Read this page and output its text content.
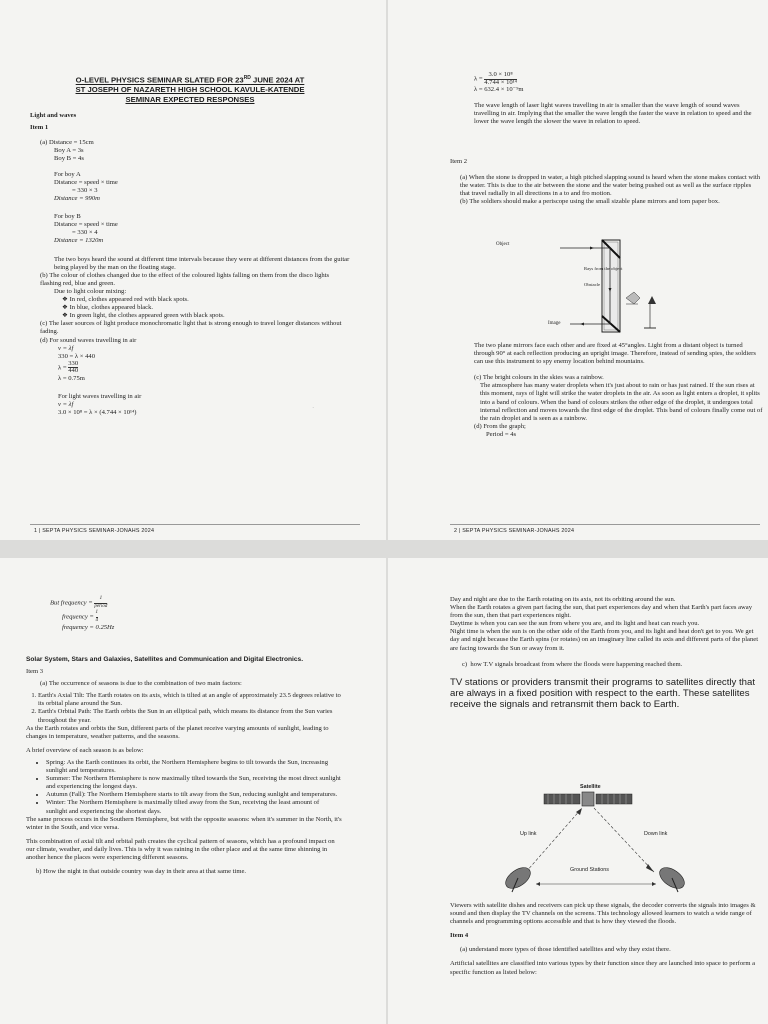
O-LEVEL PHYSICS SEMINAR SLATED FOR 23RD JUNE 2024 AT

ST JOSEPH OF NAZARETH HIGH SCHOOL KAVULE-KATENDE

SEMINAR EXPECTED RESPONSES

Light and waves

Item 1

(a) Distance = 15cm

Boy A = 3s

Boy B = 4s

For boy A

Distance = speed × time

= 330 × 3

Distance = 990m

For boy B

Distance = speed × time

= 330 × 4

Distance = 1320m

The two boys heard the sound at different time intervals because they were at different distances from the guitar being played by the man on the floating stage.

(b) The colour of clothes changed due to the effect of the coloured lights falling on them from the disco lights flashing red, blue and green.

Due to light colour mixing:

❖ In red, clothes appeared red with black spots.

❖ In blue, clothes appeared black.

❖ In green light, the clothes appeared green with black spots.

(c) The laser sources of light produce monochromatic light that is strong enough to travel longer distances without fading.

(d) For sound waves travelling in air

v = λf

330 = λ × 440

$\lambda = \frac{330}{440}$

λ = 0.75m

For light waves travelling in air

v = λf

3.0 × 10⁸ = λ × (4.744 × 10¹⁴)

·
1 | SEPTA PHYSICS SEMINAR-JONAHS 2024

$\lambda = \frac{\text{3.0 × 10⁸}}{\text{4.744 × 10¹⁴}}$

λ = 632.4 × 10⁻⁹m

The wave length of laser light waves travelling in air is smaller than the wave length of sound waves travelling in air. Implying that the smaller the wave length the faster the wave in relation to speed and the lower the wave length the slower the wave in relation to speed.

Item 2

(a) When the stone is dropped in water, a high pitched slapping sound is heard when the stone makes contact with the water. This is due to the air between the stone and the water being pushed out as well as the surface ripples that travel radially in all directions in a to and fro motion.

(b) The soldiers should make a periscope using the small sizable plane mirrors and torn paper box.

Object
Rays from the object
Obstacle
Image

The two plane mirrors face each other and are fixed at 45°angles. Light from a distant object is turned through 90° at each reflection producing an upright image. Therefore, instead of sending spies, the soldiers can use this instrument to spy enemy location behind mountains.

(c) The bright colours in the skies was a rainbow.

The atmosphere has many water droplets when it's just about to rain or has just rained. If the sun rises at this moment, rays of light will strike the water droplets in the air. As soon as light enters a droplet, it splits into a band of colours. When the band of colours strikes the other edge of the droplet, it undergoes total internal reflection and moves towards the first edge of the droplet. This band of colours finally come out of the rain droplet and is seen as a rainbow.

(d) From the graph;

Period = 4s

2 | SEPTA PHYSICS SEMINAR-JONAHS 2024

But frequency = $\frac{1}{\text{period}}$

frequency = $\frac{1}{4}$

frequency = 0.25Hz

Solar System, Stars and Galaxies, Satellites and Communication and Digital Electronics.

Item 3

(a) The occurrence of seasons is due to the combination of two main factors:

1. Earth's Axial Tilt: The Earth rotates on its axis, which is tilted at an angle of approximately 23.5 degrees relative to its orbital plane around the Sun.
2. Earth's Orbital Path: The Earth orbits the Sun in an elliptical path, which means its distance from the Sun varies throughout the year.

As the Earth rotates and orbits the Sun, different parts of the planet receive varying amounts of sunlight, leading to changes in temperature, weather patterns, and the seasons.

A brief overview of each season is as below:

• Spring: As the Earth continues its orbit, the Northern Hemisphere begins to tilt towards the Sun, increasing sunlight and temperatures.
• Summer: The Northern Hemisphere is now maximally tilted towards the Sun, receiving the most direct sunlight and experiencing the longest days.
• Autumn (Fall): The Northern Hemisphere starts to tilt away from the Sun, reducing sunlight and temperatures.
• Winter: The Northern Hemisphere is maximally tilted away from the Sun, receiving the least amount of sunlight and experiencing the shortest days.

The same process occurs in the Southern Hemisphere, but with the opposite seasons: when it's summer in the North, it's winter in the South, and vice versa.

This combination of axial tilt and orbital path creates the cyclical pattern of seasons, which has a profound impact on our climate, weather, and daily lives. This is why it was raining in the other place and at the same time shinning in another hence the places were experiencing different seasons.

b) How the night in that outside country was day in their area at that same time.

Day and night are due to the Earth rotating on its axis, not its orbiting around the sun.

When the Earth rotates a given part facing the sun, that part experiences day and when that Earth's part faces away from the sun, then that part experiences night.

Daytime is when you can see the sun from where you are, and its light and heat can reach you.

Night time is when the sun is on the other side of the Earth from you, and its light and heat don't get to you. We get day and night because the Earth spins (or rotates) on an imaginary line called its axis and different parts of the planet are facing towards the Sun or away from it.

c)  how T.V signals broadcast from where the floods were happening reached them.

TV stations or providers transmit their programs to satellites directly that are always in a fixed position with respect to the earth. These satellites receive the signals and retransmit them back to Earth.

Satellite
Up link	Down link
Ground Stations

Viewers with satellite dishes and receivers can pick up these signals, the decoder converts the signals into images & sound and then display the TV channels on the screens. This technology allowed learners to watch a wide range of channels and programming options accessible and that is how they viewed the floods.

Item 4

(a) understand more types of those identified satellites and why they exist there.

Artificial satellites are classified into various types by their function since they are launched into space to perform a specific function as listed below:
